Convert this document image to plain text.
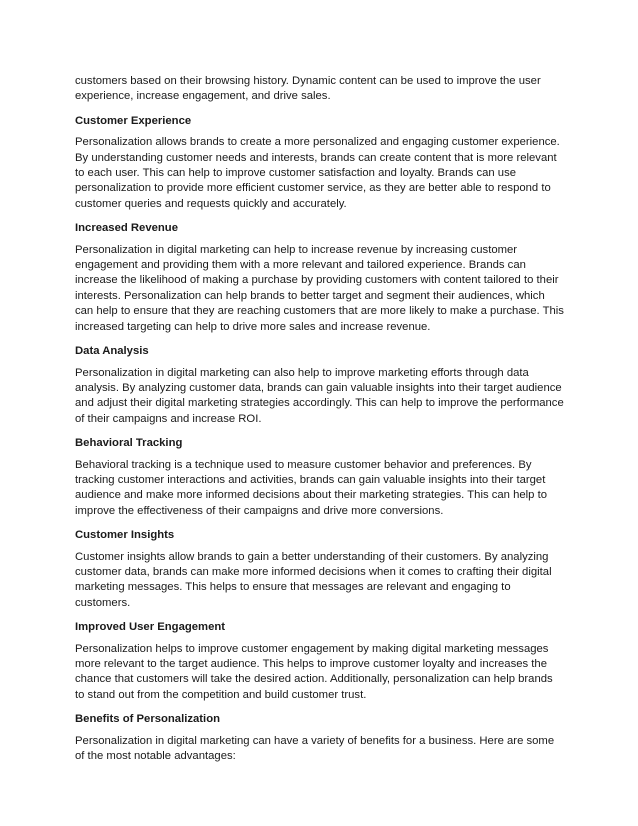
customers based on their browsing history. Dynamic content can be used to improve the user experience, increase engagement, and drive sales.

Customer Experience

Personalization allows brands to create a more personalized and engaging customer experience. By understanding customer needs and interests, brands can create content that is more relevant to each user. This can help to improve customer satisfaction and loyalty. Brands can use personalization to provide more efficient customer service, as they are better able to respond to customer queries and requests quickly and accurately.

Increased Revenue

Personalization in digital marketing can help to increase revenue by increasing customer engagement and providing them with a more relevant and tailored experience. Brands can increase the likelihood of making a purchase by providing customers with content tailored to their interests. Personalization can help brands to better target and segment their audiences, which can help to ensure that they are reaching customers that are more likely to make a purchase. This increased targeting can help to drive more sales and increase revenue.

Data Analysis

Personalization in digital marketing can also help to improve marketing efforts through data analysis. By analyzing customer data, brands can gain valuable insights into their target audience and adjust their digital marketing strategies accordingly. This can help to improve the performance of their campaigns and increase ROI.

Behavioral Tracking

Behavioral tracking is a technique used to measure customer behavior and preferences. By tracking customer interactions and activities, brands can gain valuable insights into their target audience and make more informed decisions about their marketing strategies. This can help to improve the effectiveness of their campaigns and drive more conversions.

Customer Insights

Customer insights allow brands to gain a better understanding of their customers. By analyzing customer data, brands can make more informed decisions when it comes to crafting their digital marketing messages. This helps to ensure that messages are relevant and engaging to customers.

Improved User Engagement

Personalization helps to improve customer engagement by making digital marketing messages more relevant to the target audience. This helps to improve customer loyalty and increases the chance that customers will take the desired action. Additionally, personalization can help brands to stand out from the competition and build customer trust.

Benefits of Personalization

Personalization in digital marketing can have a variety of benefits for a business. Here are some of the most notable advantages:
